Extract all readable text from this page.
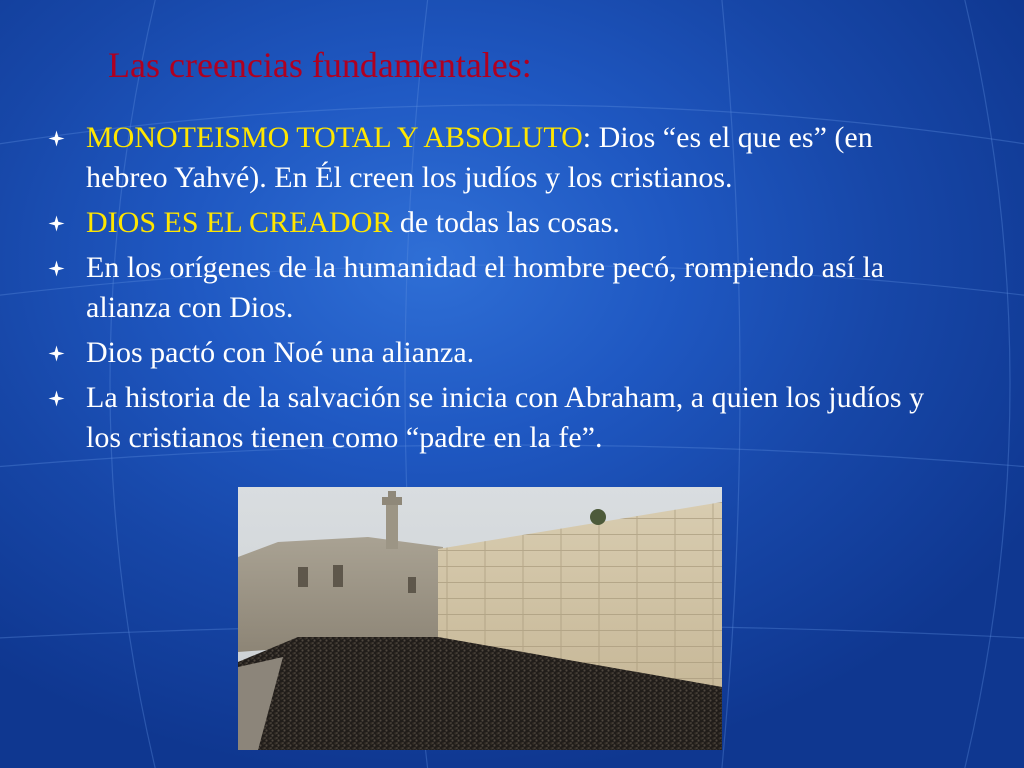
Las creencias fundamentales:
MONOTEISMO TOTAL Y ABSOLUTO: Dios “es el que es” (en hebreo Yahvé). En Él creen los judíos y los cristianos.
DIOS ES EL CREADOR de todas las cosas.
En los orígenes de la humanidad el hombre pecó, rompiendo así la alianza con Dios.
Dios pactó con Noé una alianza.
La historia de la salvación se inicia con Abraham, a quien los judíos y los cristianos tienen como “padre en la fe”.
